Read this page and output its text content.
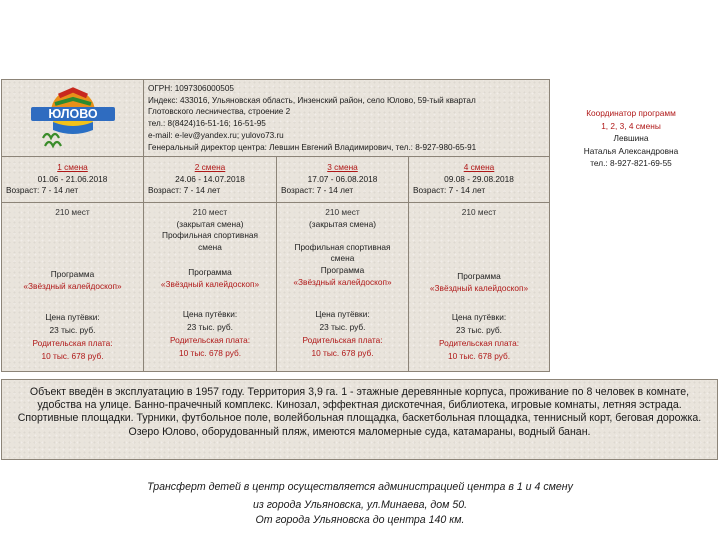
ЮЛОВО
ОГРН: 1097306000505
Индекс: 433016, Ульяновская область, Инзенский район, село Юлово, 59-тый квартал
Глотовского лесничества, строение 2
тел.: 8(8424)16-51-16; 16-51-95
e-mail: e-lev@yandex.ru; yulovo73.ru
Генеральный директор центра: Левшин Евгений Владимирович, тел.: 8-927-980-65-91
1 смена
01.06 - 21.06.2018
Возраст: 7 - 14 лет
210 мест
Программа
«Звёздный калейдоскоп»
Цена путёвки:
23 тыс. руб.
Родительская плата:
10 тыс. 678 руб.
2 смена
24.06 - 14.07.2018
Возраст: 7 - 14 лет
210 мест
(закрытая смена)
Профильная спортивная
смена
Программа
«Звёздный калейдоскоп»
Цена путёвки:
23 тыс. руб.
Родительская плата:
10 тыс. 678 руб.
3 смена
17.07 - 06.08.2018
Возраст: 7 - 14 лет
210 мест
(закрытая смена)
Профильная спортивная
смена
Программа
«Звёздный калейдоскоп»
Цена путёвки:
23 тыс. руб.
Родительская плата:
10 тыс. 678 руб.
4 смена
09.08 - 29.08.2018
Возраст: 7 - 14 лет
210 мест
Программа
«Звёздный калейдоскоп»
Цена путёвки:
23 тыс. руб.
Родительская плата:
10 тыс. 678 руб.
Координатор программ
1, 2, 3, 4 смены
Левшина
Наталья Александровна
тел.: 8-927-821-69-55
Объект введён в эксплуатацию в 1957 году. Территория 3,9 га. 1 - этажные деревянные корпуса, проживание по 8 человек в комнате, удобства на улице. Банно-прачечный комплекс. Кинозал, эффектная дискотечная, библиотека, игровые комнаты, летняя эстрада. Спортивные площадки. Турники, футбольное поле, волейбольная площадка, баскетбольная площадка, теннисный корт, беговая дорожка. Озеро Юлово, оборудованный пляж, имеются маломерные суда, катамараны, водный банан.
Трансферт детей в центр осуществляется администрацией центра в 1 и 4 смену
из города Ульяновска, ул.Минаева, дом 50.
От города Ульяновска до центра 140 км.
